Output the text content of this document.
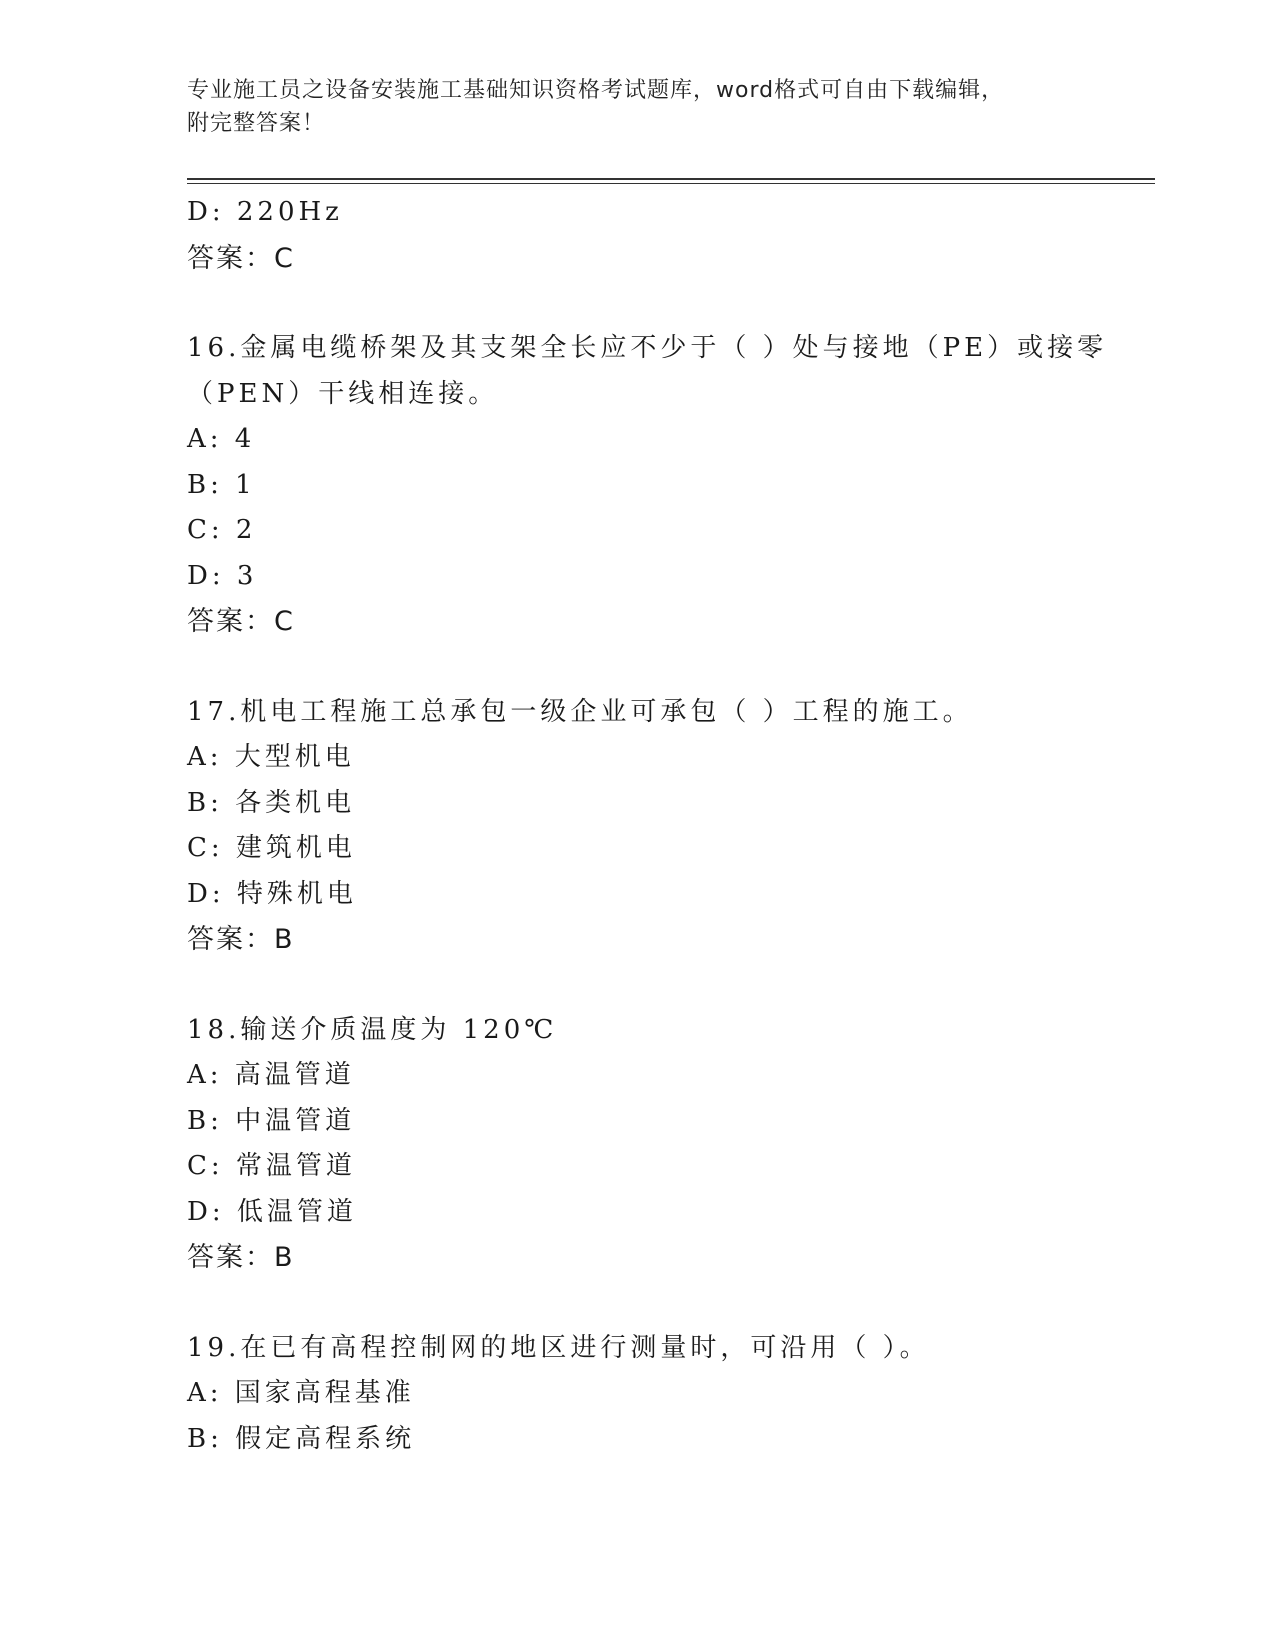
专业施工员之设备安装施工基础知识资格考试题库，word格式可自由下载编辑，
附完整答案！
D: 220Hz
答案：C
16.金属电缆桥架及其支架全长应不少于（ ）处与接地（PE）或接零
（PEN）干线相连接。
A: 4
B: 1
C: 2
D: 3
答案：C
17.机电工程施工总承包一级企业可承包（ ）工程的施工。
A: 大型机电
B: 各类机电
C: 建筑机电
D: 特殊机电
答案：B
18.输送介质温度为 120℃
A: 高温管道
B: 中温管道
C: 常温管道
D: 低温管道
答案：B
19.在已有高程控制网的地区进行测量时，可沿用（ ）。
A: 国家高程基准
B: 假定高程系统
